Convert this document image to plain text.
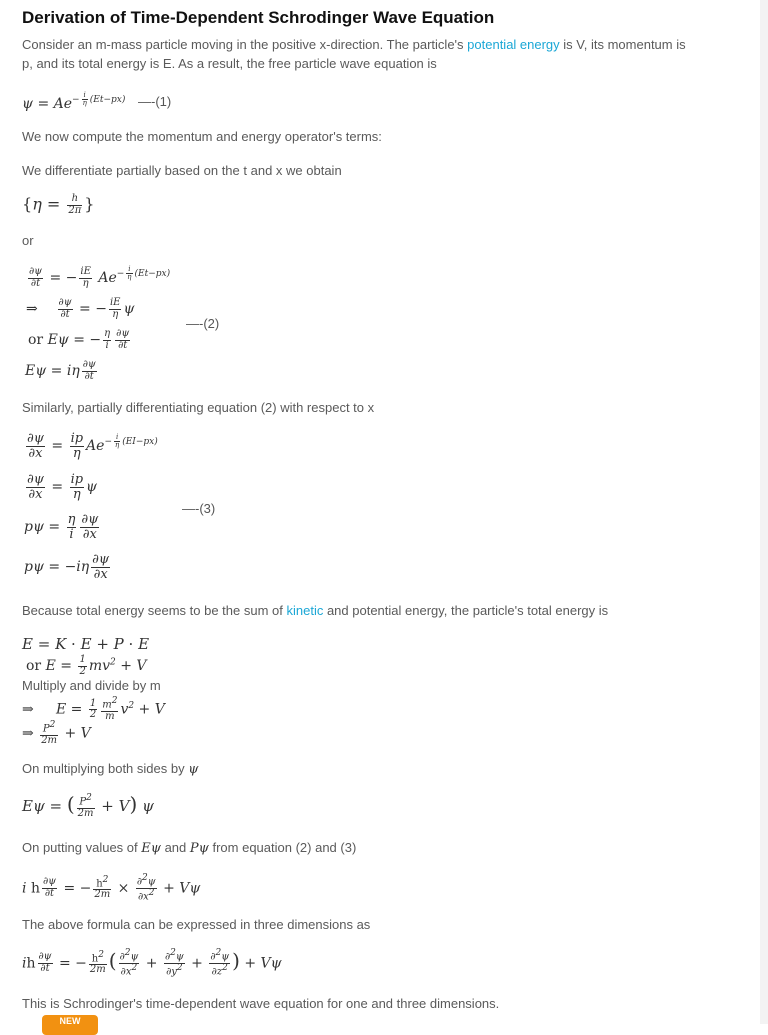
Derivation of Time-Dependent Schrodinger Wave Equation

Consider an m-mass particle moving in the positive x-direction. The particle's potential energy is V, its momentum is

p, and its total energy is E. As a result, the free particle wave equation is

$\psi = Ae^{- \frac{i}{\eta} (Et-px)}$ —-(1)

We now compute the momentum and energy operator's terms:

We differentiate partially based on the t and x we obtain

{$\eta = \frac{h}{2\pi}$ }

or

$\frac{\partial\psi}{\partial t}$ = − $\frac{iE}{\eta} Ae^{- \frac{i}{\eta} (Et-px)}$
⇒ $\frac{\partial\psi}{\partial t}$ = − $\frac{iE}{\eta}$ ψ
—-(2)
or Eψ = − $\frac{\eta}{i} \frac{\partial\psi}{\partial t}$
Eψ = iη $\frac{\partial\psi}{\partial t}$

Similarly, partially differentiating equation (2) with respect to x

$\frac{\partial\psi}{\partial x} = \frac{ip}{\eta} Ae^{- \frac{i}{\eta} (EI-px)}$
$\frac{\partial\psi}{\partial x} = \frac{ip}{\eta}$ ψ
—-(3)
$p\psi = \frac{\eta}{i} \frac{\partial\psi}{\partial x}$
$p\psi = -i\eta \frac{\partial\psi}{\partial x}$

Because total energy seems to be the sum of kinetic and potential energy, the particle's total energy is

E = K · E + P · E
or $E = \frac{1}{2} mv^2 + V$

Multiply and divide by m

⇒     $E = \frac{1}{2} \frac{m^2}{m} v^2 + V$
⇒ $\frac{P^2}{2m} + V$

On multiplying both sides by ψ

Eψ = ( $\frac{P^2}{2m} + V$) ψ

On putting values of Eψ and Pψ from equation (2) and (3)

i h $\frac{\partial\psi}{\partial t}$ = − $\frac{h^2}{2m} \times \frac{\partial^2\psi}{\partial x^2} + V\psi$

The above formula can be expressed in three dimensions as

ih $\frac{\partial\psi}{\partial t}$ = − $\frac{h^2}{2m}$ ( $\frac{\partial^2\psi}{\partial x^2} + \frac{\partial^2\psi}{\partial y^2} + \frac{\partial^2\psi}{\partial z^2}$ ) + Vψ

This is Schrodinger's time-dependent wave equation for one and three dimensions.

NEW
